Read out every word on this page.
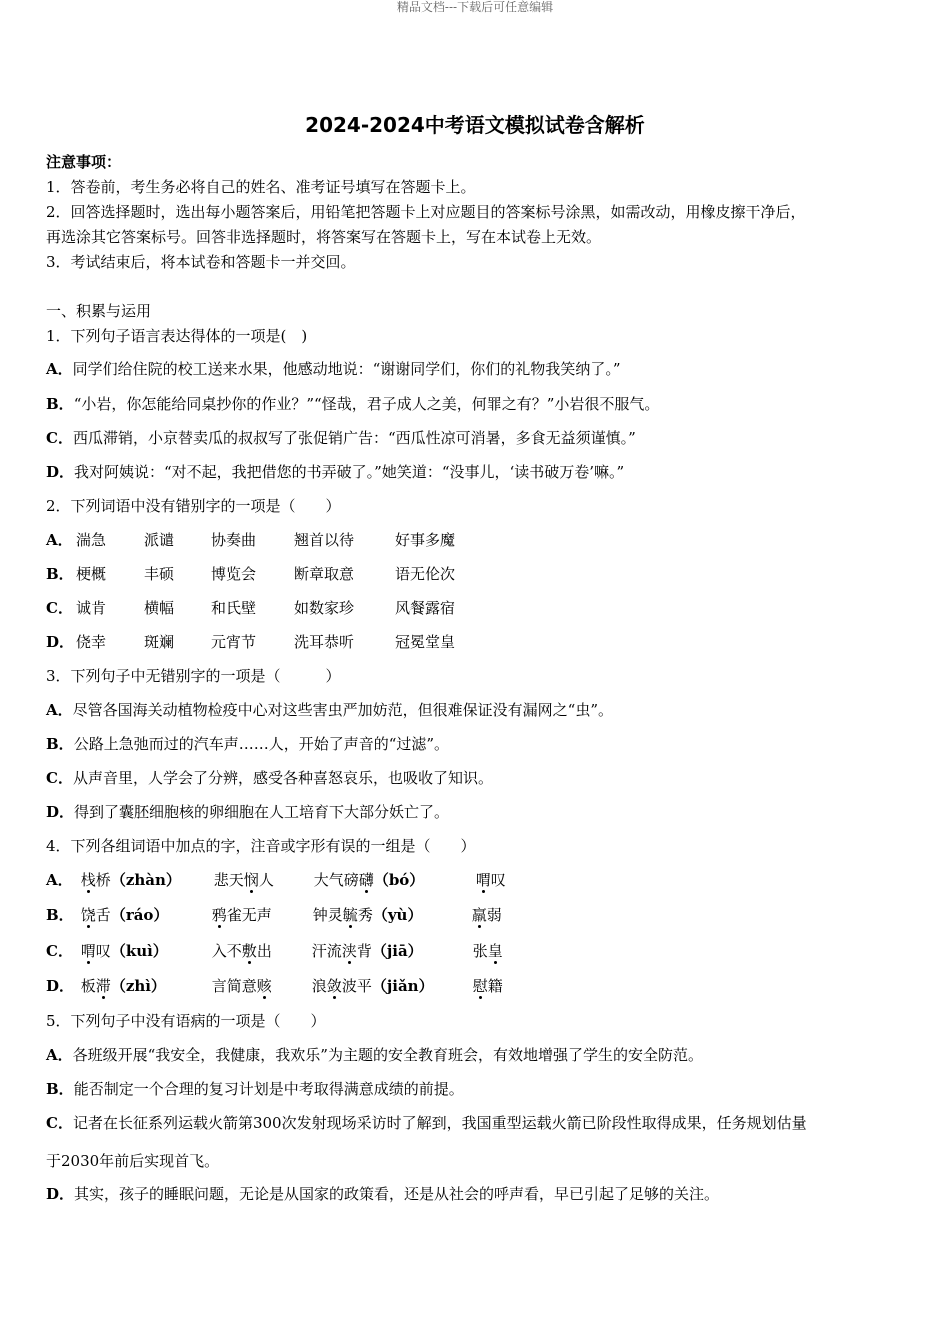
精品文档---下载后可任意编辑
2024-2024中考语文模拟试卷含解析
注意事项：
1．答卷前，考生务必将自己的姓名、准考证号填写在答题卡上。
2．回答选择题时，选出每小题答案后，用铅笔把答题卡上对应题目的答案标号涂黑，如需改动，用橡皮擦干净后，
再选涂其它答案标号。回答非选择题时，将答案写在答题卡上，写在本试卷上无效。
3．考试结束后，将本试卷和答题卡一并交回。
一、积累与运用
1．下列句子语言表达得体的一项是(　)
A．同学们给住院的校工送来水果，他感动地说：“谢谢同学们，你们的礼物我笑纳了。”
B．“小岩，你怎能给同桌抄你的作业？”“怪哉，君子成人之美，何罪之有？”小岩很不服气。
C．西瓜滞销，小京替卖瓜的叔叔写了张促销广告：“西瓜性凉可消暑，多食无益须谨慎。”
D．我对阿姨说：“对不起，我把借您的书弄破了。”她笑道：“没事儿，‘读书破万卷’嘛。”
2．下列词语中没有错别字的一项是（　　）
A． 湍急	派谴 协奏曲	翘首以待	好事多魔
B． 梗概	丰硕 博览会	断章取意	语无伦次
C． 诚肯	横幅 和氏壁	如数家珍	风餐露宿
D． 侥幸	斑斓 元宵节	洗耳恭听	冠冕堂皇
3．下列句子中无错别字的一项是（　　　）
A．尽管各国海关动植物检疫中心对这些害虫严加妨范，但很难保证没有漏网之“虫”。
B．公路上急弛而过的汽车声……人，开始了声音的“过滤”。
C．从声音里，人学会了分辨，感受各种喜怒哀乐，也吸收了知识。
D．得到了囊胚细胞核的卵细胞在人工培育下大部分妖亡了。
4．下列各组词语中加点的字，注音或字形有误的一组是（　　）
A． 栈桥（zhàn） 悲天悯人	大气磅礴（bó）	喟叹
B． 饶舌（ráo）	鸦雀无声	钟灵毓秀（yù）	羸弱
C． 喟叹（kuì）	入不敷出	汗流浃背（jiā）	张皇
D． 板滞（zhì）	言简意赅	浪敛波平（jiǎn）	慰籍
5．下列句子中没有语病的一项是（　　）
A．各班级开展“我安全，我健康，我欢乐”为主题的安全教育班会，有效地增强了学生的安全防范。
B．能否制定一个合理的复习计划是中考取得满意成绩的前提。
C．记者在长征系列运载火箭第300次发射现场采访时了解到，我国重型运载火箭已阶段性取得成果，任务规划估量
于2030年前后实现首飞。
D．其实，孩子的睡眠问题，无论是从国家的政策看，还是从社会的呼声看，早已引起了足够的关注。
